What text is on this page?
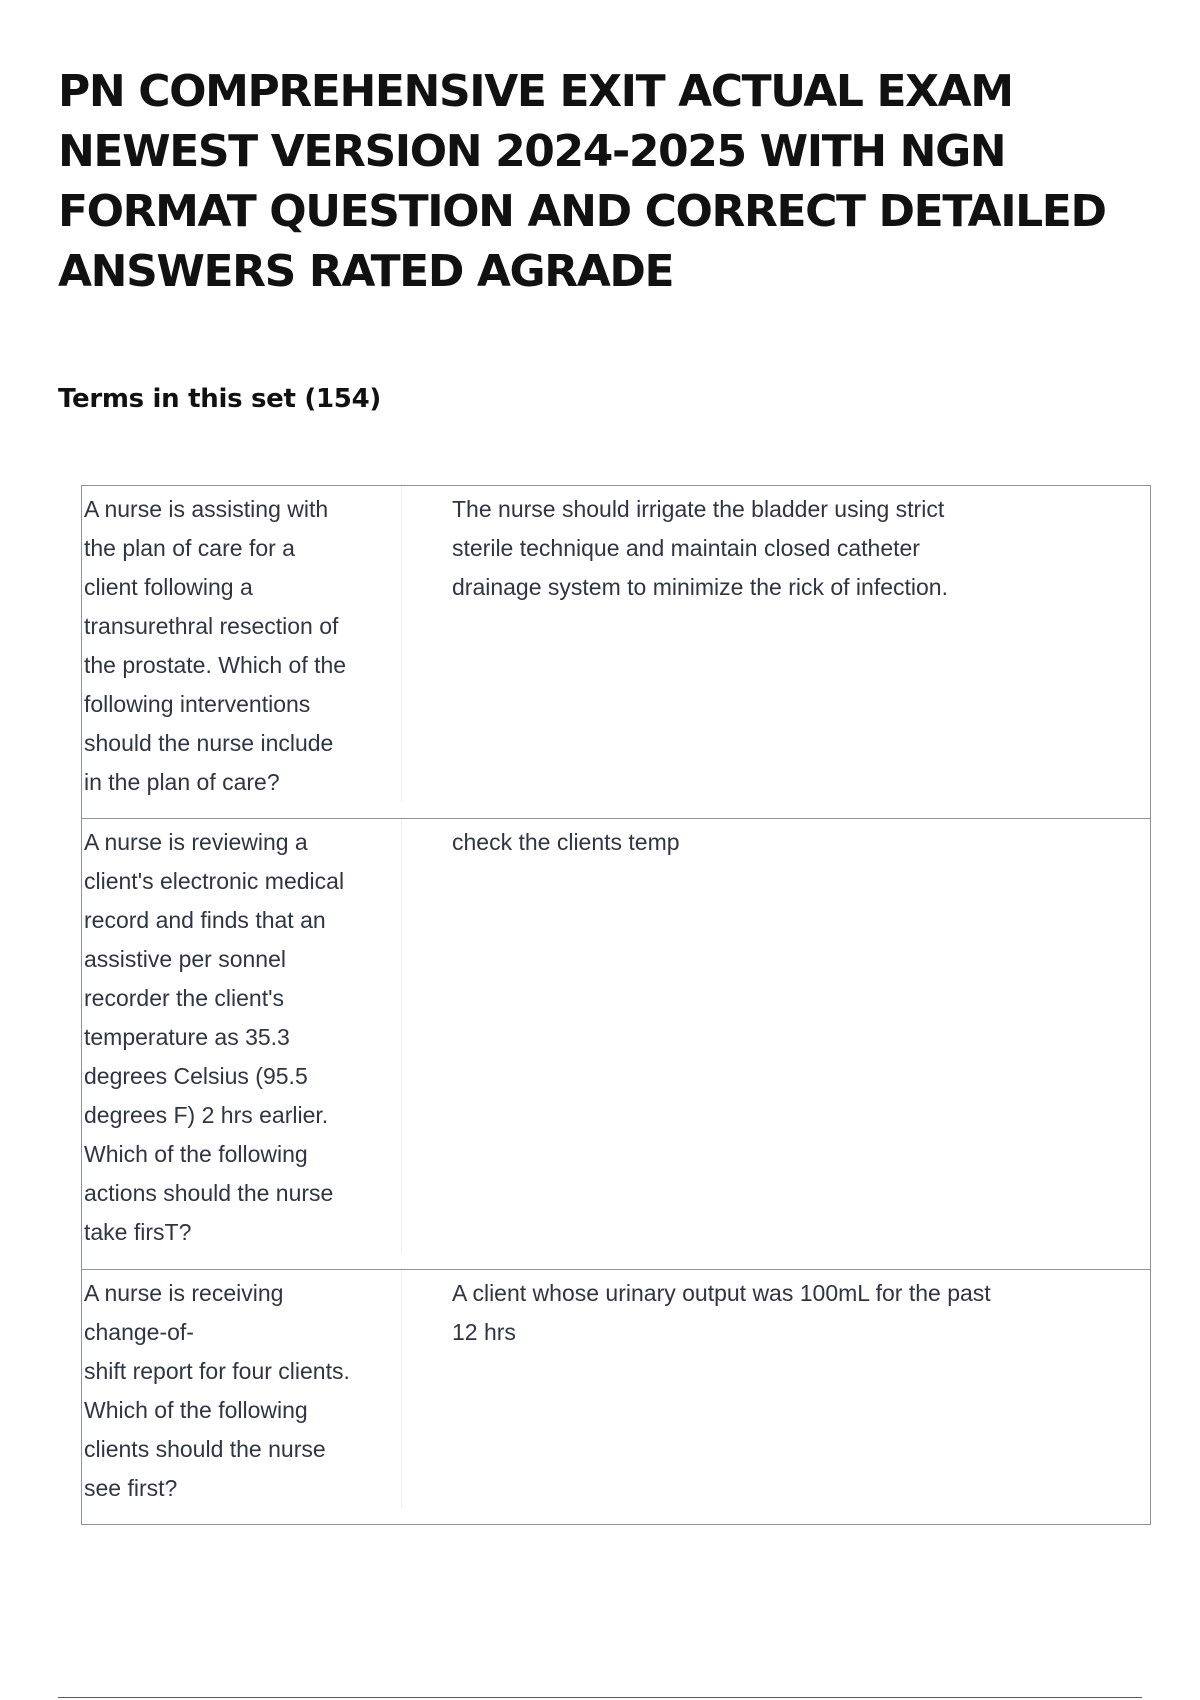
PN COMPREHENSIVE EXIT ACTUAL EXAM NEWEST VERSION 2024-2025 WITH NGN FORMAT QUESTION AND CORRECT DETAILED ANSWERS RATED AGRADE
Terms in this set (154)
A nurse is assisting with
the plan of care for a
client following a
transurethral resection of
the prostate. Which of the
following interventions
should the nurse include
in the plan of care?
The nurse should irrigate the bladder using strict
sterile technique and maintain closed catheter
drainage system to minimize the rick of infection.
A nurse is reviewing a
client's electronic medical
record and finds that an
assistive per sonnel
recorder the client's
temperature as 35.3
degrees Celsius (95.5
degrees F) 2 hrs earlier.
Which of the following
actions should the nurse
take firsT?
check the clients temp
A nurse is receiving
change-of-
shift report for four clients.
Which of the following
clients should the nurse
see first?
A client whose urinary output was 100mL for the past
12 hrs
